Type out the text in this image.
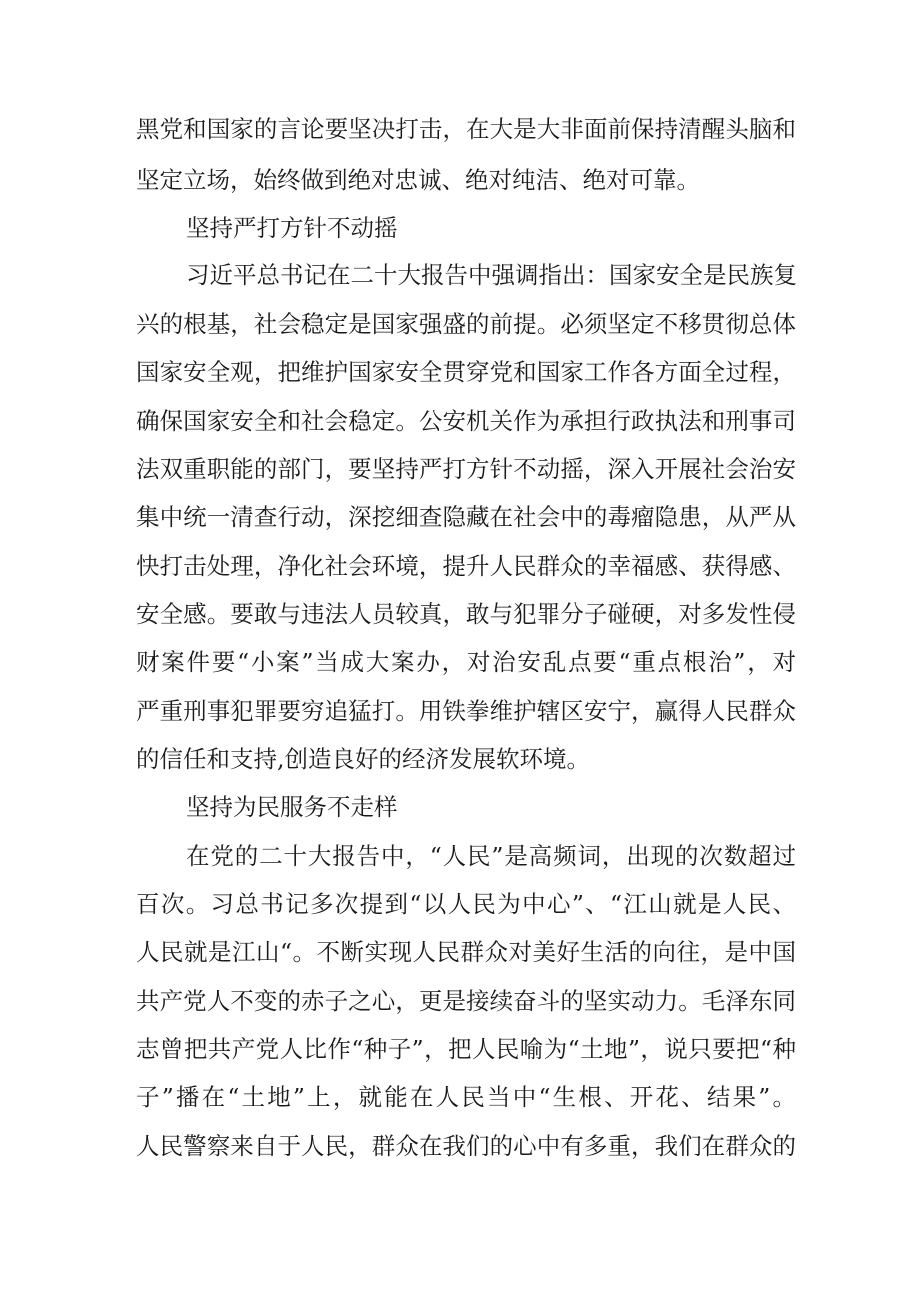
黑党和国家的言论要坚决打击，在大是大非面前保持清醒头脑和
坚定立场，始终做到绝对忠诚、绝对纯洁、绝对可靠。
坚持严打方针不动摇
习近平总书记在二十大报告中强调指出：国家安全是民族复
兴的根基，社会稳定是国家强盛的前提。必须坚定不移贯彻总体
国家安全观，把维护国家安全贯穿党和国家工作各方面全过程，
确保国家安全和社会稳定。公安机关作为承担行政执法和刑事司
法双重职能的部门，要坚持严打方针不动摇，深入开展社会治安
集中统一清查行动，深挖细查隐藏在社会中的毒瘤隐患，从严从
快打击处理，净化社会环境，提升人民群众的幸福感、获得感、
安全感。要敢与违法人员较真，敢与犯罪分子碰硬，对多发性侵
财案件要“小案”当成大案办，对治安乱点要“重点根治”，对
严重刑事犯罪要穷追猛打。用铁拳维护辖区安宁，赢得人民群众
的信任和支持,创造良好的经济发展软环境。
坚持为民服务不走样
在党的二十大报告中，“人民”是高频词，出现的次数超过
百次。习总书记多次提到“以人民为中心”、“江山就是人民、
人民就是江山“。不断实现人民群众对美好生活的向往，是中国
共产党人不变的赤子之心，更是接续奋斗的坚实动力。毛泽东同
志曾把共产党人比作“种子”，把人民喻为“土地”，说只要把“种
子”播在“土地”上，就能在人民当中“生根、开花、结果”。
人民警察来自于人民，群众在我们的心中有多重，我们在群众的
